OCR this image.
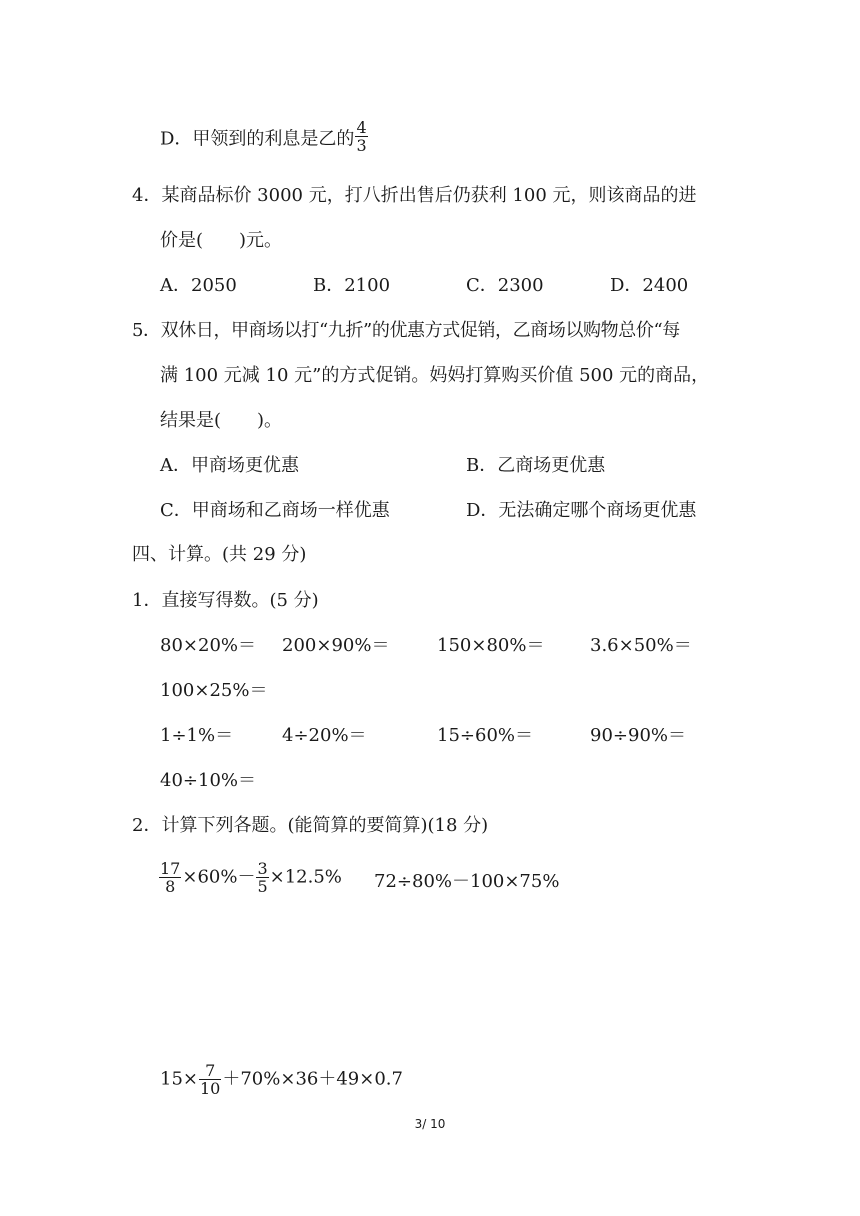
D．甲领到的利息是乙的 $\frac{4}{3}$
4．某商品标价 3000 元，打八折出售后仍获利 100 元，则该商品的进
价是(　　)元。
A．2050	B．2100	C．2300	D．2400
5．双休日，甲商场以打“九折”的优惠方式促销，乙商场以购物总价“每
满 100 元减 10 元”的方式促销。妈妈打算购买价值 500 元的商品，
结果是(　　)。
A．甲商场更优惠	B．乙商场更优惠
C．甲商场和乙商场一样优惠	D．无法确定哪个商场更优惠
四、计算。(共 29 分)
1．直接写得数。(5 分)
80×20%＝ 200×90%＝	150×80%＝	3.6×50%＝
100×25%＝
1÷1%＝	4÷20%＝	15÷60%＝	90÷90%＝
40÷10%＝
2．计算下列各题。(能简算的要简算)(18 分)
$\frac{17}{8} \times 60\%- \frac{3}{5} \times 12.5\%$ 72÷80%－100×75%
$15\times \frac{7}{10} +70\%\times 36+49\times 0.7$
3/ 10
